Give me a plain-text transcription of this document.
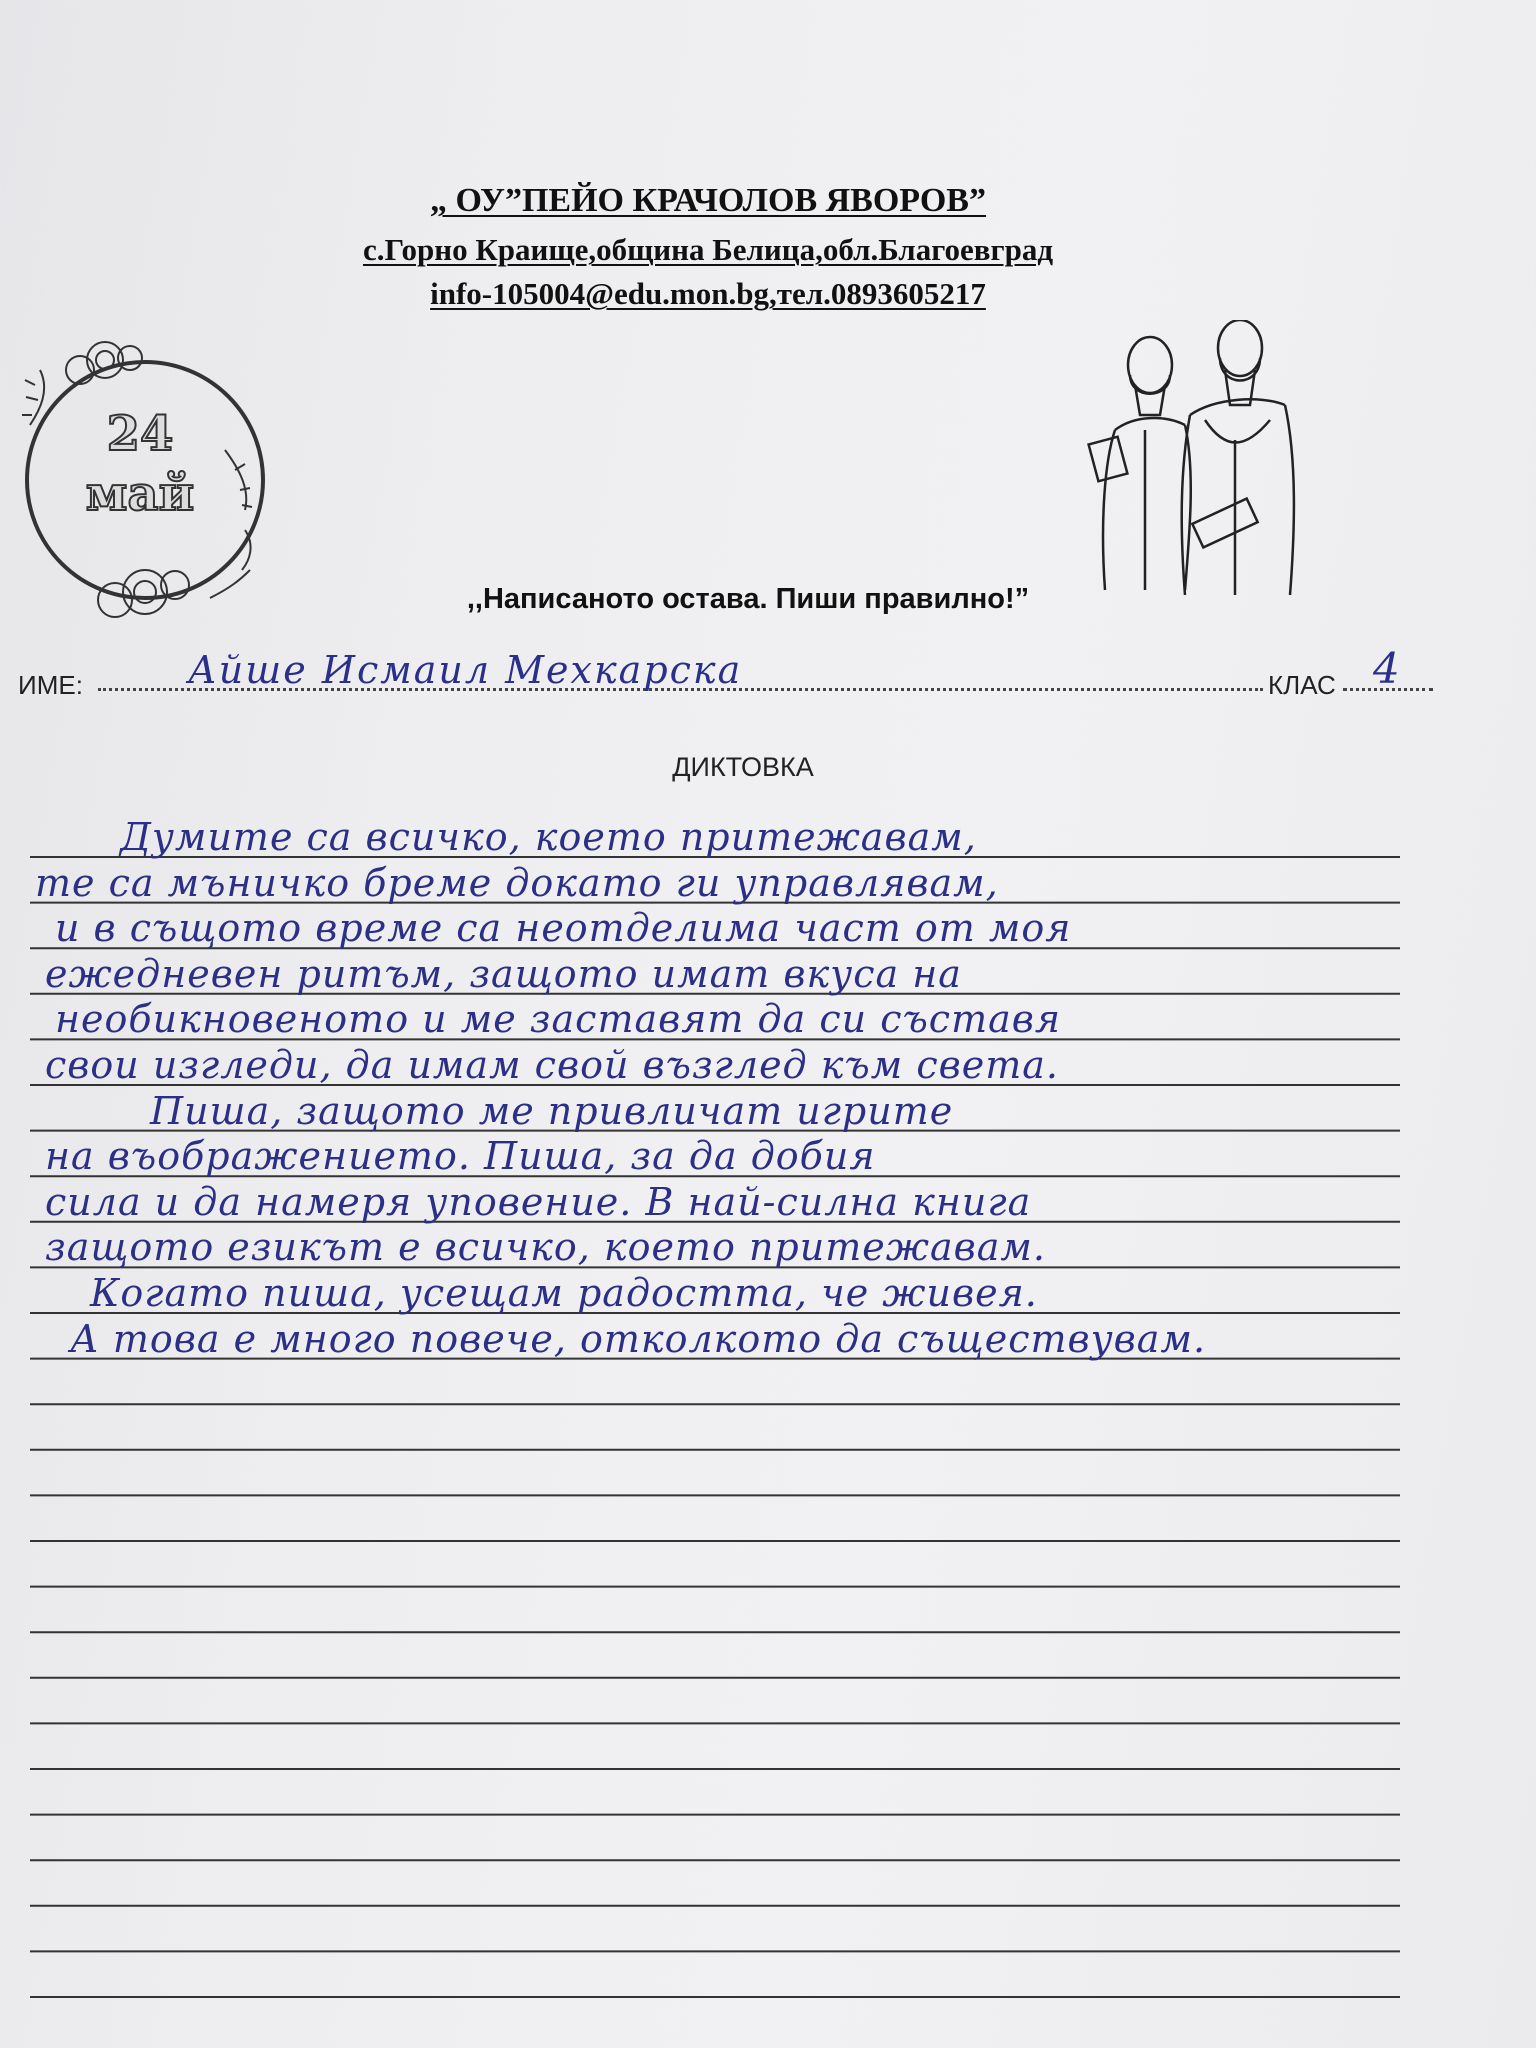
„ ОУ”ПЕЙО КРАЧОЛОВ ЯВОРОВ”
с.Горно Краище,община Белица,обл.Благоевград
info-105004@edu.mon.bg,тел.0893605217
24
май
,,Написаното остава. Пиши правилно!”
ИМЕ:	Айше Исмаил Мехкарска	КЛАС 4
ДИКТОВКА
Думите са всичко, което притежавам,
те са мъничко бреме докато ги управлявам,
и в същото време са неотделима част от моя
ежедневен ритъм, защото имат вкуса на
необикновеното и ме заставят да си съставя
свои изгледи, да имам свой възглед към света.
Пиша, защото ме привличат игрите
на въображението. Пиша, за да добия
сила и да намеря уповение. В най-силна книга
защото езикът е всичко, което притежавам.
Когато пиша, усещам радостта, че живея.
А това е много повече, отколкото да съществувам.
